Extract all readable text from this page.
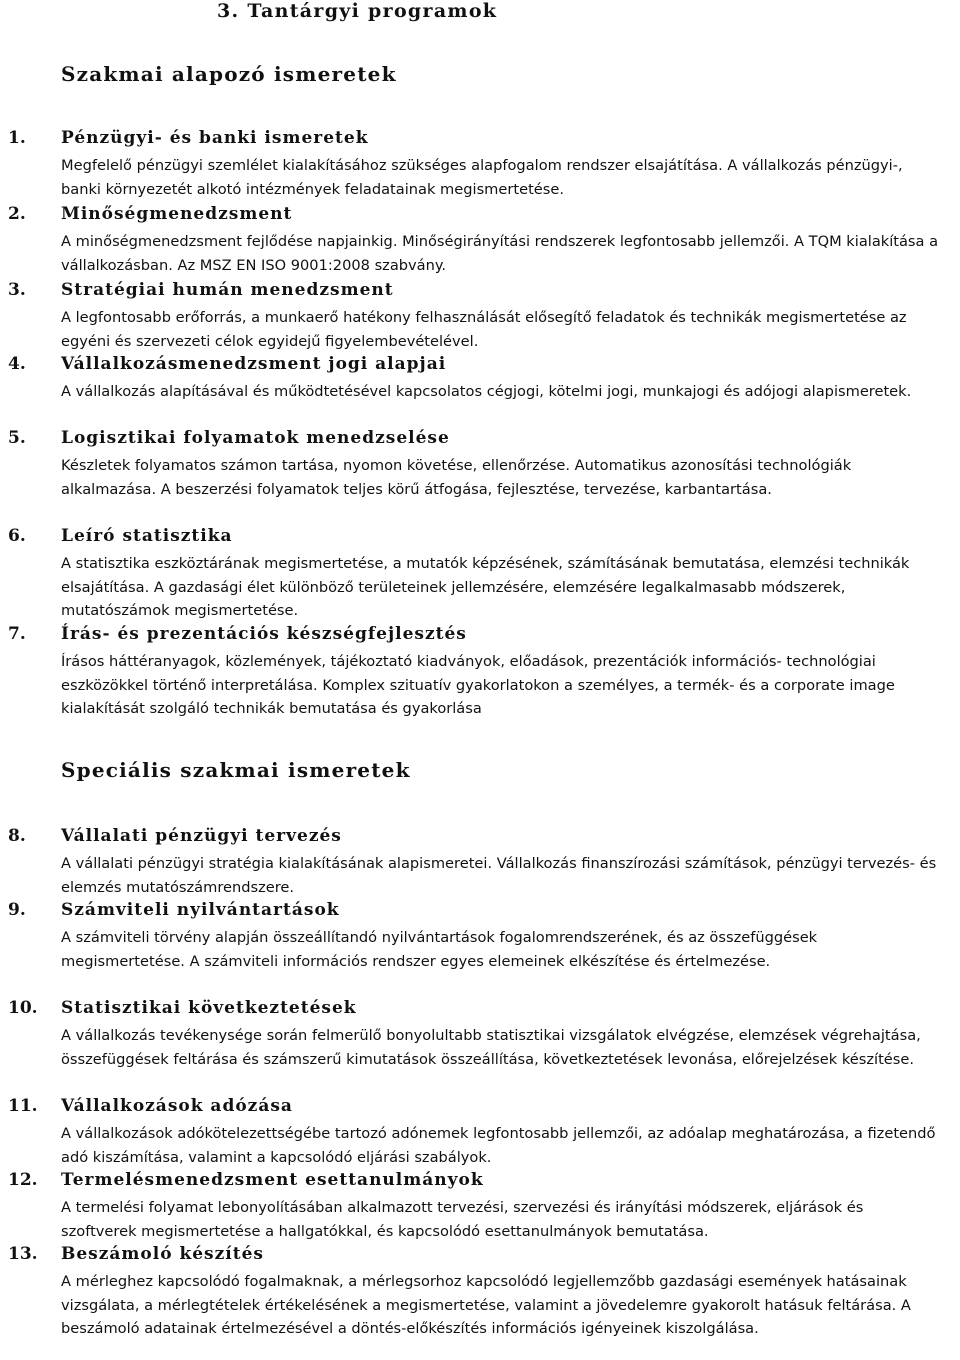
3. Tantárgyi programok
Szakmai alapozó ismeretek
1. Pénzügyi- és banki ismeretek
Megfelelő pénzügyi szemlélet kialakításához szükséges alapfogalom rendszer elsajátítása. A vállalkozás pénzügyi-, banki környezetét alkotó intézmények feladatainak megismertetése.
2. Minőségmenedzsment
A minőségmenedzsment fejlődése napjainkig. Minőségirányítási rendszerek legfontosabb jellemzői. A TQM kialakítása a vállalkozásban. Az MSZ EN ISO 9001:2008 szabvány.
3. Stratégiai humán menedzsment
A legfontosabb erőforrás, a munkaerő hatékony felhasználását elősegítő feladatok és technikák megismertetése az egyéni és szervezeti célok egyidejű figyelembevételével.
4. Vállalkozásmenedzsment jogi alapjai
A vállalkozás alapításával és működtetésével kapcsolatos cégjogi, kötelmi jogi, munkajogi és adójogi alapismeretek.
5. Logisztikai folyamatok menedzselése
Készletek folyamatos számon tartása, nyomon követése, ellenőrzése. Automatikus azonosítási technológiák alkalmazása. A beszerzési folyamatok teljes körű átfogása, fejlesztése, tervezése, karbantartása.
6. Leíró statisztika
A statisztika eszköztárának megismertetése, a mutatók képzésének, számításának bemutatása, elemzési technikák elsajátítása. A gazdasági élet különböző területeinek jellemzésére, elemzésére legalkalmasabb módszerek, mutatószámok megismertetése.
7. Írás- és prezentációs készségfejlesztés
Írásos háttéranyagok, közlemények, tájékoztató kiadványok, előadások, prezentációk információs- technológiai eszközökkel történő interpretálása. Komplex szituatív gyakorlatokon a személyes, a termék- és a corporate image kialakítását szolgáló technikák bemutatása és gyakorlása
Speciális szakmai ismeretek
8. Vállalati pénzügyi tervezés
A vállalati pénzügyi stratégia kialakításának alapismeretei. Vállalkozás finanszírozási számítások, pénzügyi tervezés- és elemzés mutatószámrendszere.
9. Számviteli nyilvántartások
A számviteli törvény alapján összeállítandó nyilvántartások fogalomrendszerének, és az összefüggések megismertetése. A számviteli információs rendszer egyes elemeinek elkészítése és értelmezése.
10. Statisztikai következtetések
A vállalkozás tevékenysége során felmerülő bonyolultabb statisztikai vizsgálatok elvégzése, elemzések végrehajtása, összefüggések feltárása és számszerű kimutatások összeállítása, következtetések levonása, előrejelzések készítése.
11. Vállalkozások adózása
A vállalkozások adókötelezettségébe tartozó adónemek legfontosabb jellemzői, az adóalap meghatározása, a fizetendő adó kiszámítása, valamint a kapcsolódó eljárási szabályok.
12. Termelésmenedzsment esettanulmányok
A termelési folyamat lebonyolításában alkalmazott tervezési, szervezési és irányítási módszerek, eljárások és szoftverek megismertetése a hallgatókkal, és kapcsolódó esettanulmányok bemutatása.
13. Beszámoló készítés
A mérleghez kapcsolódó fogalmaknak, a mérlegsorhoz kapcsolódó legjellemzőbb gazdasági események hatásainak vizsgálata, a mérlegtételek értékelésének a megismertetése, valamint a jövedelemre gyakorolt hatásuk feltárása. A beszámoló adatainak értelmezésével a döntés-előkészítés információs igényeinek kiszolgálása.
